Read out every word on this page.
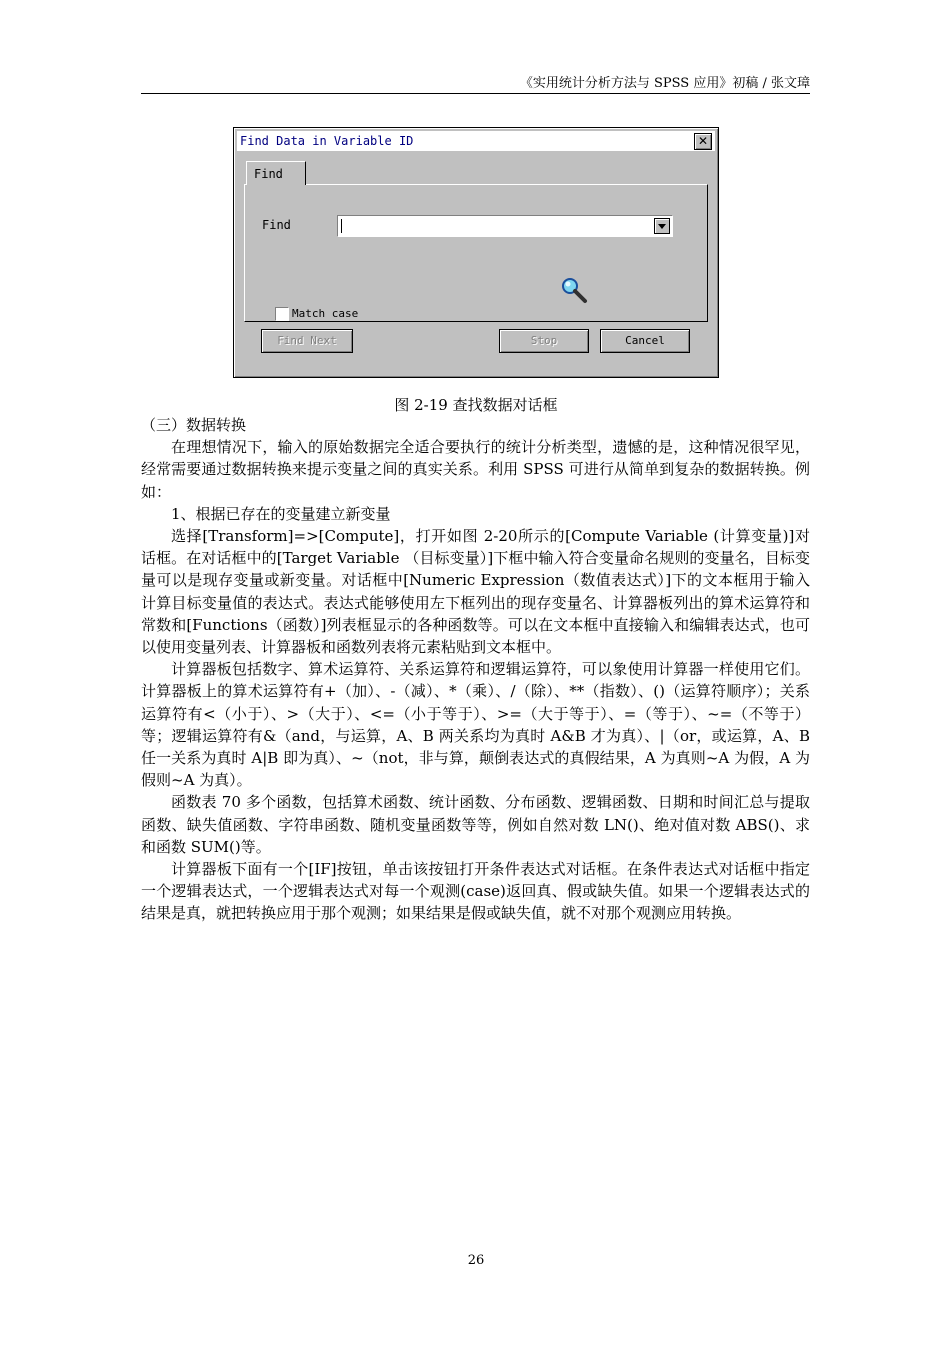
《实用统计分析方法与 SPSS 应用》初稿 / 张文璋
Find Data in Variable ID	✕
Find
Find
Match case
Find Next	Stop	Cancel
图 2-19 查找数据对话框

（三）数据转换

在理想情况下，输入的原始数据完全适合要执行的统计分析类型，遗憾的是，这种情况很罕见，经常需要通过数据转换来提示变量之间的真实关系。利用 SPSS 可进行从简单到复杂的数据转换。例如：

1、根据已存在的变量建立新变量

选择[Transform]=>[Compute]，打开如图 2-20所示的[Compute Variable (计算变量)]对话框。在对话框中的[Target Variable （目标变量）]下框中输入符合变量命名规则的变量名，目标变量可以是现存变量或新变量。对话框中[Numeric Expression（数值表达式）]下的文本框用于输入计算目标变量值的表达式。表达式能够使用左下框列出的现存变量名、计算器板列出的算术运算符和常数和[Functions（函数）]列表框显示的各种函数等。可以在文本框中直接输入和编辑表达式，也可以使用变量列表、计算器板和函数列表将元素粘贴到文本框中。

计算器板包括数字、算术运算符、关系运算符和逻辑运算符，可以象使用计算器一样使用它们。计算器板上的算术运算符有+（加）、-（减）、*（乘）、/（除）、**（指数）、()（运算符顺序）；关系运算符有<（小于）、>（大于）、<=（小于等于）、>=（大于等于）、=（等于）、~=（不等于）等；逻辑运算符有&（and，与运算，A、B 两关系均为真时 A&B 才为真）、|（or，或运算，A、B 任一关系为真时 A|B 即为真）、~（not，非与算，颠倒表达式的真假结果，A 为真则~A 为假，A 为假则~A 为真）。

函数表 70 多个函数，包括算术函数、统计函数、分布函数、逻辑函数、日期和时间汇总与提取函数、缺失值函数、字符串函数、随机变量函数等等，例如自然对数 LN()、绝对值对数 ABS()、求和函数 SUM()等。

计算器板下面有一个[IF]按钮，单击该按钮打开条件表达式对话框。在条件表达式对话框中指定一个逻辑表达式，一个逻辑表达式对每一个观测(case)返回真、假或缺失值。如果一个逻辑表达式的结果是真，就把转换应用于那个观测；如果结果是假或缺失值，就不对那个观测应用转换。

26
